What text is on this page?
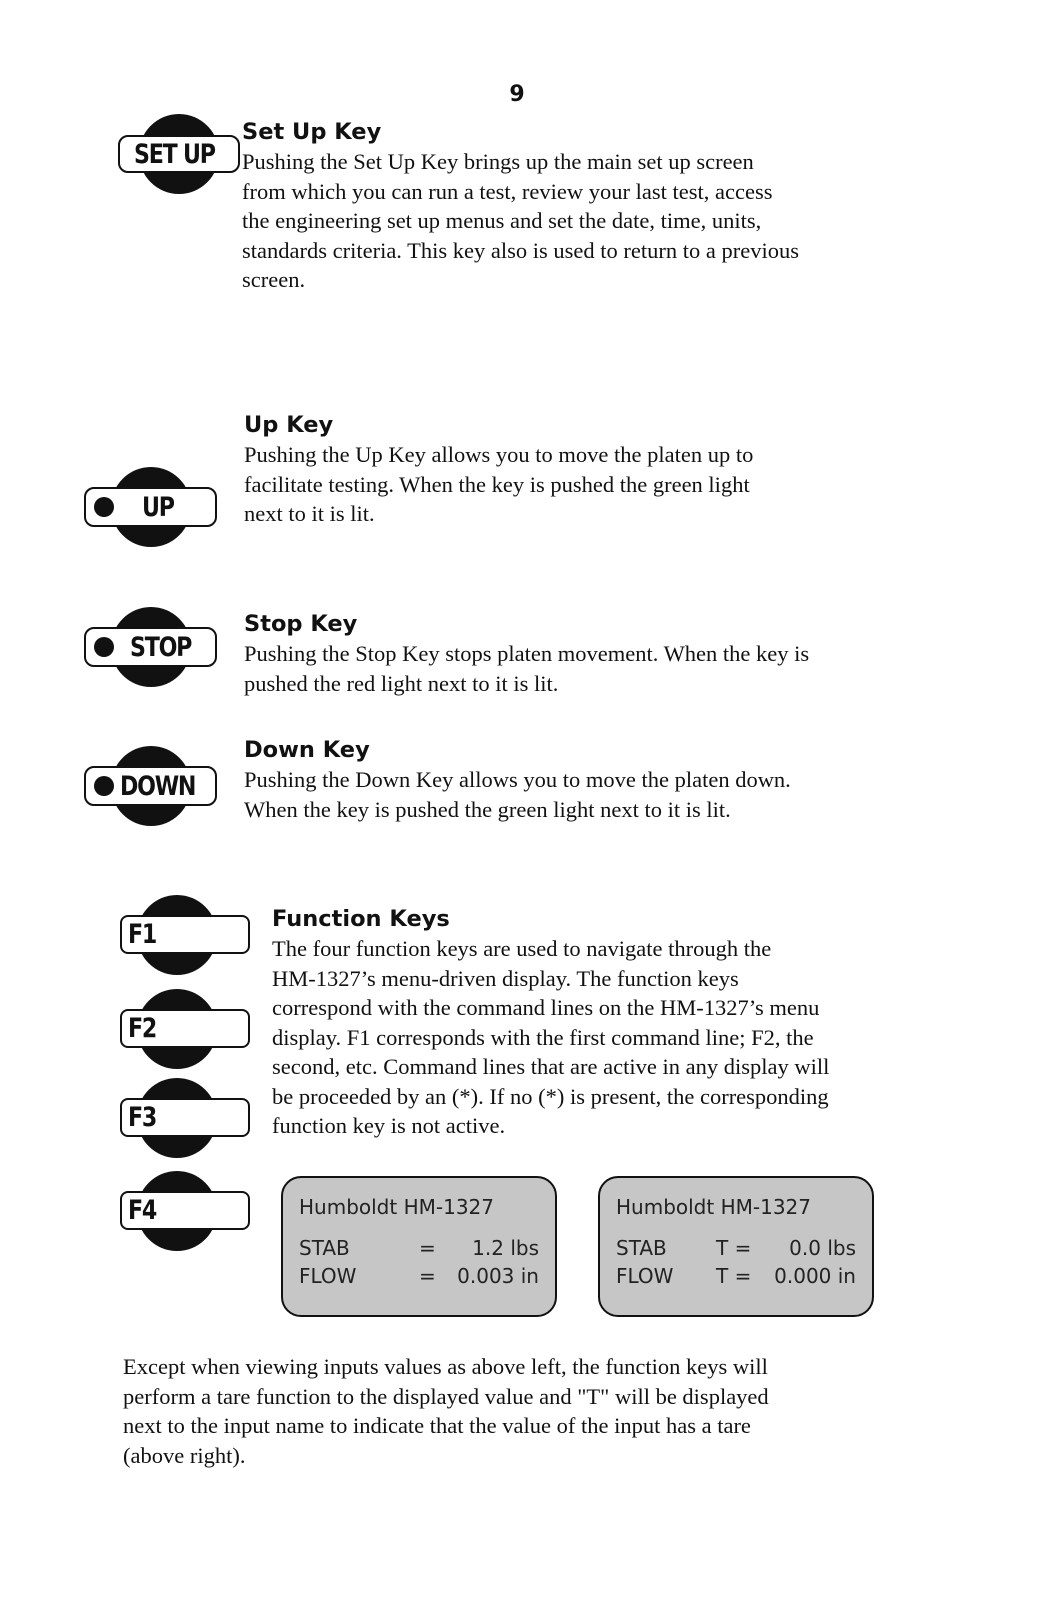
9
SET UP
Set Up Key

Pushing the Set Up Key brings up the main set up screen
from which you can run a test, review your last test, access
the engineering set up menus and set the date, time, units,
standards criteria. This key also is used to return to a previous
screen.

UP
Up Key

Pushing the Up Key allows you to move the platen up to
facilitate testing. When the key is pushed the green light
next to it is lit.

STOP
Stop Key

Pushing the Stop Key stops platen movement. When the key is
pushed the red light next to it is lit.

DOWN
Down Key

Pushing the Down Key allows you to move the platen down.
When the key is pushed the green light next to it is lit.

F1
F2
F3
F4
Function Keys

The four function keys are used to navigate through the
HM-1327’s menu-driven display. The function keys
correspond with the command lines on the HM-1327’s menu
display. F1 corresponds with the first command line; F2, the
second, etc. Command lines that are active in any display will
be proceeded by an (*). If no (*) is present, the corresponding
function key is not active.

Humboldt HM-1327
STAB	=	1.2 lbs
FLOW	=	0.003 in
Humboldt HM-1327
STAB T =	0.0 lbs
FLOW T =	0.000 in

Except when viewing inputs values as above left, the function keys will
perform a tare function to the displayed value and "T" will be displayed
next to the input name to indicate that the value of the input has a tare
(above right).
